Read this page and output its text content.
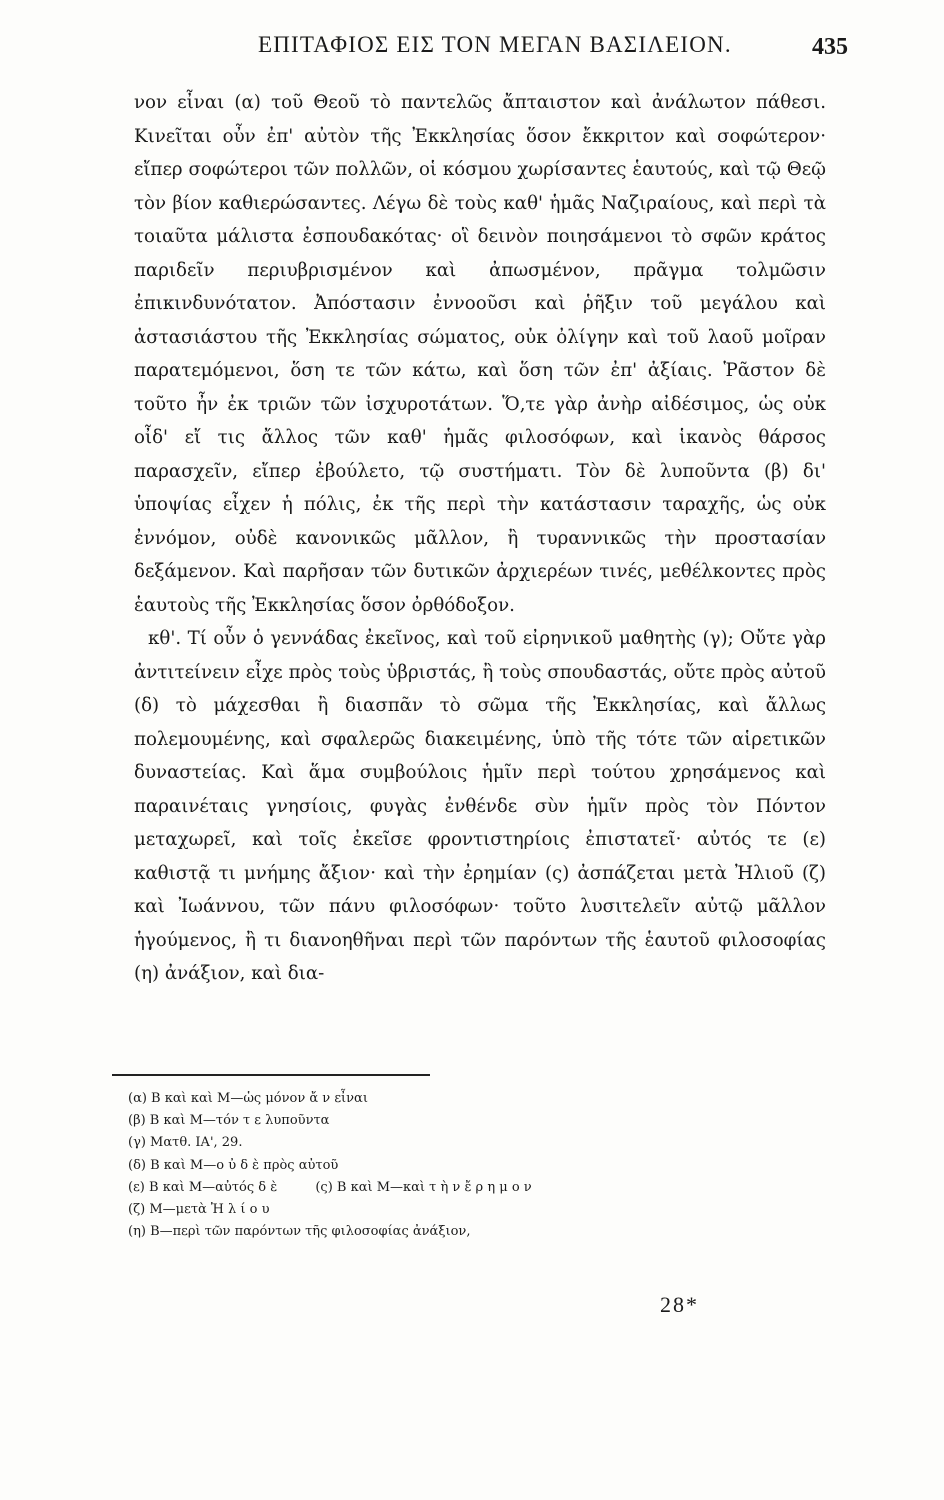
ΕΠΙΤΑΦΙΟΣ ΕΙΣ ΤΟΝ ΜΕΓΑΝ ΒΑΣΙΛΕΙΟΝ.	435

νον εἶναι (α) τοῦ Θεοῦ τὸ παντελῶς ἄπταιστον καὶ ἀνάλωτον πάθεσι. Κινεῖται οὖν ἐπ' αὐτὸν τῆς Ἐκκλησίας ὅσον ἔκκριτον καὶ σοφώτερον· εἴπερ σοφώτεροι τῶν πολλῶν, οἱ κόσμου χωρίσαντες ἑαυτούς, καὶ τῷ Θεῷ τὸν βίον καθιερώσαντες. Λέγω δὲ τοὺς καθ' ἡμᾶς Ναζιραίους, καὶ περὶ τὰ τοιαῦτα μάλιστα ἐσπουδακότας· οἳ δεινὸν ποιησάμενοι τὸ σφῶν κράτος παριδεῖν περιυβρισμένον καὶ ἀπωσμένον, πρᾶγμα τολμῶσιν ἐπικινδυνότατον. Ἀπόστασιν ἐννοοῦσι καὶ ῥῆξιν τοῦ μεγάλου καὶ ἀστασιάστου τῆς Ἐκκλησίας σώματος, οὐκ ὀλίγην καὶ τοῦ λαοῦ μοῖραν παρατεμόμενοι, ὅση τε τῶν κάτω, καὶ ὅση τῶν ἐπ' ἀξίαις. Ῥᾶστον δὲ τοῦτο ἦν ἐκ τριῶν τῶν ἰσχυροτάτων. Ὅ,τε γὰρ ἀνὴρ αἰδέσιμος, ὡς οὐκ οἶδ' εἴ τις ἄλλος τῶν καθ' ἡμᾶς φιλοσόφων, καὶ ἱκανὸς θάρσος παρασχεῖν, εἴπερ ἐβούλετο, τῷ συστήματι. Τὸν δὲ λυποῦντα (β) δι' ὑποψίας εἶχεν ἡ πόλις, ἐκ τῆς περὶ τὴν κατάστασιν ταραχῆς, ὡς οὐκ ἐννόμον, οὐδὲ κανονικῶς μᾶλλον, ἢ τυραννικῶς τὴν προστασίαν δεξάμενον. Καὶ παρῆσαν τῶν δυτικῶν ἀρχιερέων τινές, μεθέλκοντες πρὸς ἑαυτοὺς τῆς Ἐκκλησίας ὅσον ὀρθόδοξον.

κθ'. Τί οὖν ὁ γεννάδας ἐκεῖνος, καὶ τοῦ εἰρηνικοῦ μαθητὴς (γ); Οὔτε γὰρ ἀντιτείνειν εἶχε πρὸς τοὺς ὑβριστάς, ἢ τοὺς σπουδαστάς, οὔτε πρὸς αὐτοῦ (δ) τὸ μάχεσθαι ἢ διασπᾶν τὸ σῶμα τῆς Ἐκκλησίας, καὶ ἄλλως πολεμουμένης, καὶ σφαλερῶς διακειμένης, ὑπὸ τῆς τότε τῶν αἱρετικῶν δυναστείας. Καὶ ἅμα συμβούλοις ἡμῖν περὶ τούτου χρησάμενος καὶ παραινέταις γνησίοις, φυγὰς ἐνθένδε σὺν ἡμῖν πρὸς τὸν Πόντον μεταχωρεῖ, καὶ τοῖς ἐκεῖσε φροντιστηρίοις ἐπιστατεῖ· αὐτός τε (ε) καθιστᾷ τι μνήμης ἄξιον· καὶ τὴν ἐρημίαν (ς) ἀσπάζεται μετὰ Ἠλιοῦ (ζ) καὶ Ἰωάννου, τῶν πάνυ φιλοσόφων· τοῦτο λυσιτελεῖν αὐτῷ μᾶλλον ἡγούμενος, ἢ τι διανοηθῆναι περὶ τῶν παρόντων τῆς ἑαυτοῦ φιλοσοφίας (η) ἀνάξιον, καὶ δια-

(α) Β καὶ καὶ Μ—ὡς μόνον ἄ ν εἶναι
(β) Β καὶ Μ—τόν τ ε λυποῦντα
(γ) Ματθ. ΙΑ', 29.
(δ) Β καὶ Μ—ο ὐ δ ὲ πρὸς αὐτοῦ
(ε) Β καὶ Μ—αὐτός δ ὲ	(ς) Β καὶ Μ—καὶ τ ὴ ν ἔ ρ η μ ο ν
(ζ) Μ—μετὰ Ἠ λ ί ο υ
(η) Β—περὶ τῶν παρόντων τῆς φιλοσοφίας ἀνάξιον,
28*
